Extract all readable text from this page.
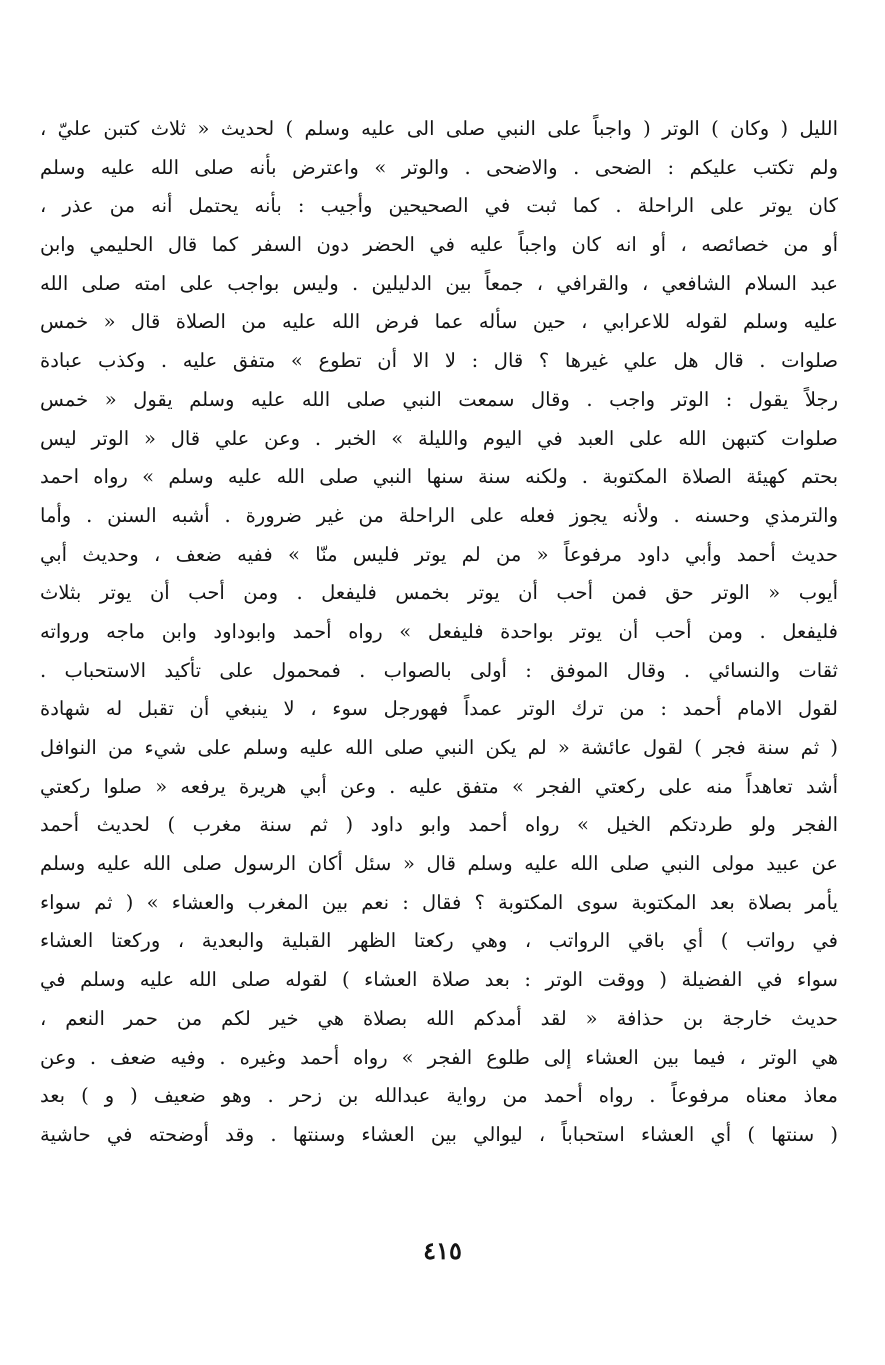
الليل ( وكان ) الوتر ( واجباً على النبي صلى الى عليه وسلم ) لحديث « ثلاث كتبن عليّ ،
ولم تكتب عليكم : الضحى . والاضحى . والوتر » واعترض بأنه صلى الله عليه وسلم
كان يوتر على الراحلة . كما ثبت في الصحيحين وأجيب : بأنه يحتمل أنه من عذر ،
أو من خصائصه ، أو انه كان واجباً عليه في الحضر دون السفر كما قال الحليمي وابن
عبد السلام الشافعي ، والقرافي ، جمعاً بين الدليلين . وليس بواجب على امته صلى الله
عليه وسلم لقوله للاعرابي ، حين سأله عما فرض الله عليه من الصلاة قال « خمس
صلوات . قال هل علي غيرها ؟ قال : لا الا أن تطوع » متفق عليه . وكذب عبادة
رجلاً يقول : الوتر واجب . وقال سمعت النبي صلى الله عليه وسلم يقول « خمس
صلوات كتبهن الله على العبد في اليوم والليلة » الخبر . وعن علي قال « الوتر ليس
بحتم كهيئة الصلاة المكتوبة . ولكنه سنة سنها النبي صلى الله عليه وسلم » رواه احمد
والترمذي وحسنه . ولأنه يجوز فعله على الراحلة من غير ضرورة . أشبه السنن . وأما
حديث أحمد وأبي داود مرفوعاً « من لم يوتر فليس منّا » ففيه ضعف ، وحديث أبي
أيوب « الوتر حق فمن أحب أن يوتر بخمس فليفعل . ومن أحب أن يوتر بثلاث
فليفعل . ومن أحب أن يوتر بواحدة فليفعل » رواه أحمد وابوداود وابن ماجه ورواته
ثقات والنسائي . وقال الموفق : أولى بالصواب . فمحمول على تأكيد الاستحباب .
لقول الامام أحمد : من ترك الوتر عمداً فهورجل سوء ، لا ينبغي أن تقبل له شهادة
( ثم سنة فجر ) لقول عائشة « لم يكن النبي صلى الله عليه وسلم على شيء من النوافل
أشد تعاهداً منه على ركعتي الفجر » متفق عليه . وعن أبي هريرة يرفعه « صلوا ركعتي
الفجر ولو طردتكم الخيل » رواه أحمد وابو داود ( ثم سنة مغرب ) لحديث أحمد
عن عبيد مولى النبي صلى الله عليه وسلم قال « سئل أكان الرسول صلى الله عليه وسلم
يأمر بصلاة بعد المكتوبة سوى المكتوبة ؟ فقال : نعم بين المغرب والعشاء » ( ثم سواء
في رواتب ) أي باقي الرواتب ، وهي ركعتا الظهر القبلية والبعدية ، وركعتا العشاء
سواء في الفضيلة ( ووقت الوتر : بعد صلاة العشاء ) لقوله صلى الله عليه وسلم في
حديث خارجة بن حذافة « لقد أمدكم الله بصلاة هي خير لكم من حمر النعم ،
هي الوتر ، فيما بين العشاء إلى طلوع الفجر » رواه أحمد وغيره . وفيه ضعف . وعن
معاذ معناه مرفوعاً . رواه أحمد من رواية عبدالله بن زحر . وهو ضعيف ( و ) بعد
( سنتها ) أي العشاء استحباباً ، ليوالي بين العشاء وسنتها . وقد أوضحته في حاشية
٤١٥
